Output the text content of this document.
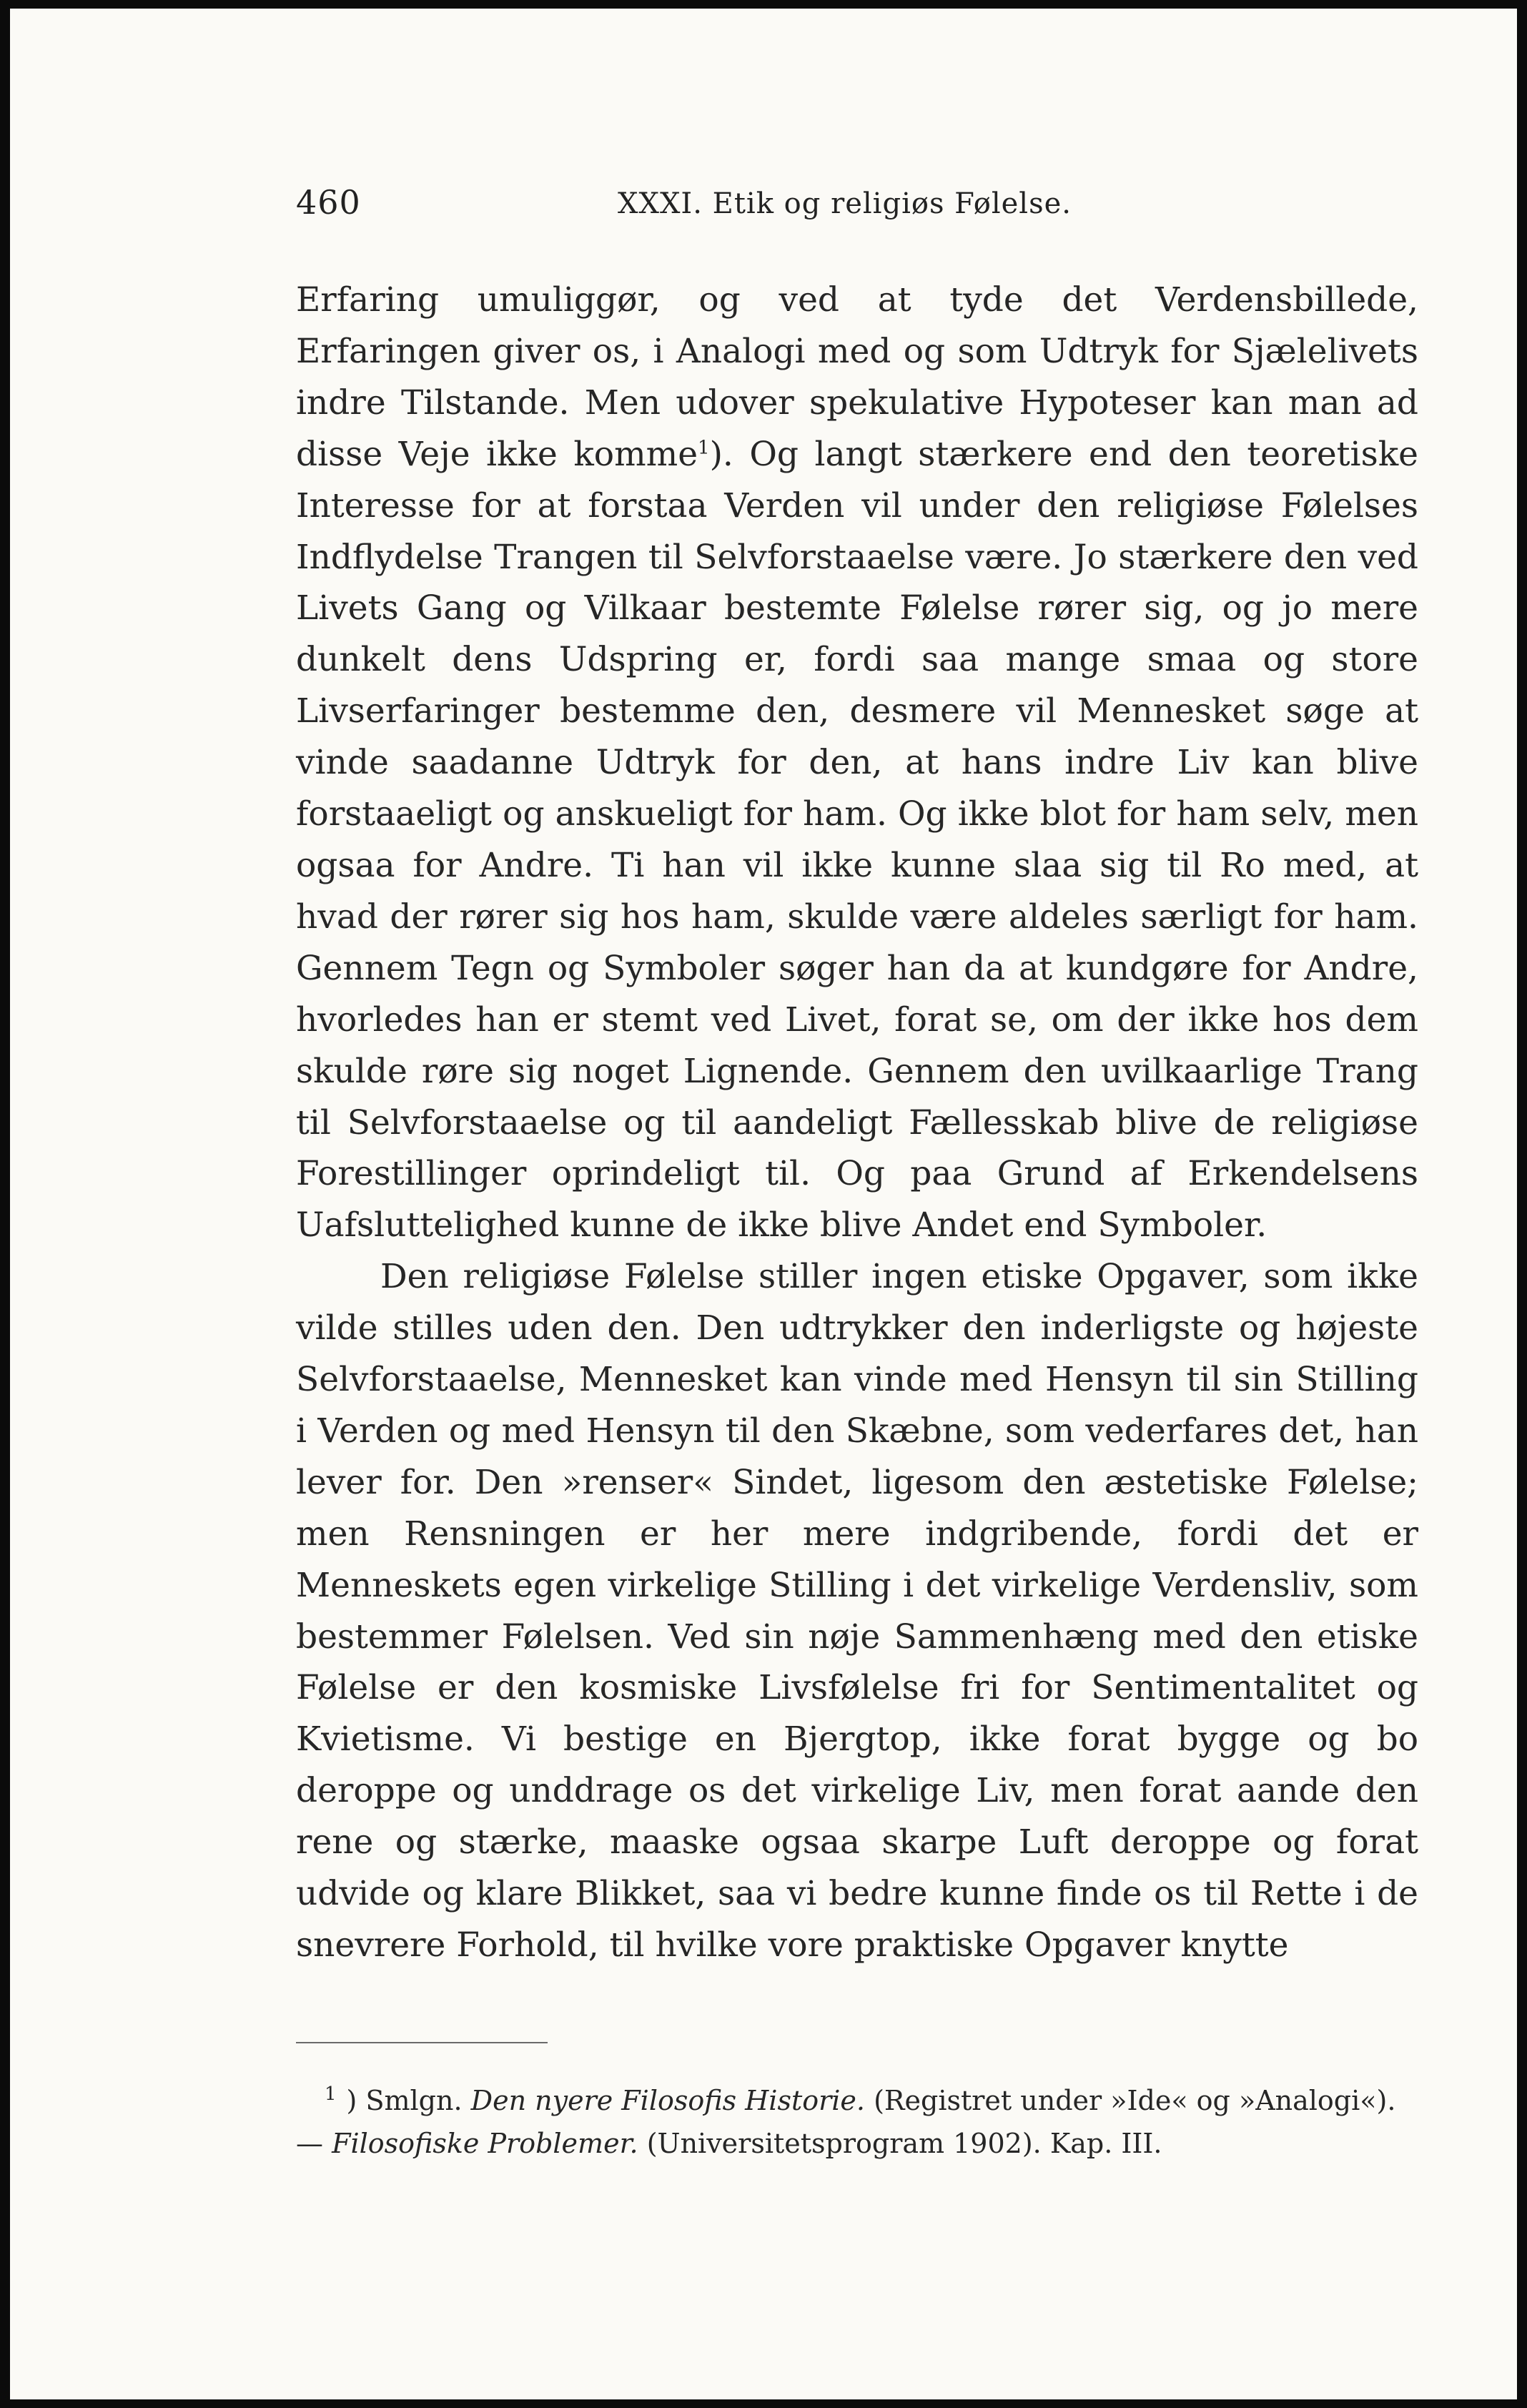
460	XXXI. Etik og religiøs Følelse.

Erfaring umuliggør, og ved at tyde det Verdensbillede, Erfaringen giver os, i Analogi med og som Udtryk for Sjælelivets indre Tilstande. Men udover spekulative Hypoteser kan man ad disse Veje ikke komme$^1$). Og langt stærkere end den teoretiske Interesse for at forstaa Verden vil under den religiøse Følelses Indflydelse Trangen til Selvforstaaelse være. Jo stærkere den ved Livets Gang og Vilkaar bestemte Følelse rører sig, og jo mere dunkelt dens Udspring er, fordi saa mange smaa og store Livserfaringer bestemme den, desmere vil Mennesket søge at vinde saadanne Udtryk for den, at hans indre Liv kan blive forstaaeligt og anskueligt for ham. Og ikke blot for ham selv, men ogsaa for Andre. Ti han vil ikke kunne slaa sig til Ro med, at hvad der rører sig hos ham, skulde være aldeles særligt for ham. Gennem Tegn og Symboler søger han da at kundgøre for Andre, hvorledes han er stemt ved Livet, forat se, om der ikke hos dem skulde røre sig noget Lignende. Gennem den uvilkaarlige Trang til Selvforstaaelse og til aandeligt Fællesskab blive de religiøse Forestillinger oprindeligt til. Og paa Grund af Erkendelsens Uafsluttelighed kunne de ikke blive Andet end Symboler.

Den religiøse Følelse stiller ingen etiske Opgaver, som ikke vilde stilles uden den. Den udtrykker den inderligste og højeste Selvforstaaelse, Mennesket kan vinde med Hensyn til sin Stilling i Verden og med Hensyn til den Skæbne, som vederfares det, han lever for. Den »renser« Sindet, ligesom den æstetiske Følelse; men Rensningen er her mere indgribende, fordi det er Menneskets egen virkelige Stilling i det virkelige Verdensliv, som bestemmer Følelsen. Ved sin nøje Sammenhæng med den etiske Følelse er den kosmiske Livsfølelse fri for Sentimentalitet og Kvietisme. Vi bestige en Bjergtop, ikke forat bygge og bo deroppe og unddrage os det virkelige Liv, men forat aande den rene og stærke, maaske ogsaa skarpe Luft deroppe og forat udvide og klare Blikket, saa vi bedre kunne finde os til Rette i de snevrere Forhold, til hvilke vore praktiske Opgaver knytte

1 ) Smlgn. Den nyere Filosofis Historie. (Registret under »Ide« og »Analogi«). — Filosofiske Problemer. (Universitetsprogram 1902). Kap. III.
